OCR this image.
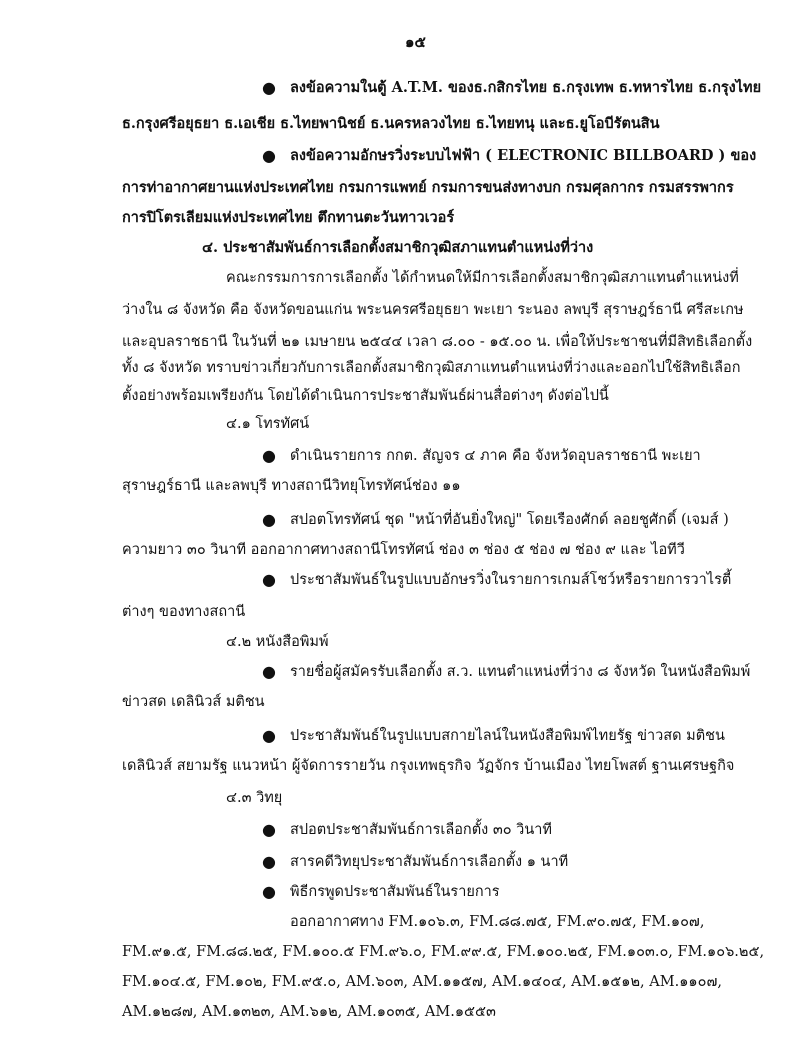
๑๕
● ลงข้อความในตู้ A.T.M. ของธ.กสิกรไทย ธ.กรุงเทพ ธ.ทหารไทย ธ.กรุงไทย
ธ.กรุงศรีอยุธยา ธ.เอเชีย ธ.ไทยพานิชย์ ธ.นครหลวงไทย ธ.ไทยทนุ และธ.ยูโอบีรัตนสิน
● ลงข้อความอักษรวิ่งระบบไฟฟ้า ( ELECTRONIC BILLBOARD ) ของ
การท่าอากาศยานแห่งประเทศไทย กรมการแพทย์ กรมการขนส่งทางบก กรมศุลกากร กรมสรรพากร
การปิโตรเลียมแห่งประเทศไทย ตึกทานตะวันทาวเวอร์
๔. ประชาสัมพันธ์การเลือกตั้งสมาชิกวุฒิสภาแทนตำแหน่งที่ว่าง
คณะกรรมการการเลือกตั้ง ได้กำหนดให้มีการเลือกตั้งสมาชิกวุฒิสภาแทนตำแหน่งที่
ว่างใน ๘ จังหวัด คือ จังหวัดขอนแก่น พระนครศรีอยุธยา พะเยา ระนอง ลพบุรี สุราษฎร์ธานี ศรีสะเกษ
และอุบลราชธานี ในวันที่ ๒๑ เมษายน ๒๕๔๔ เวลา ๘.๐๐ - ๑๕.๐๐ น. เพื่อให้ประชาชนที่มีสิทธิเลือกตั้ง
ทั้ง ๘ จังหวัด ทราบข่าวเกี่ยวกับการเลือกตั้งสมาชิกวุฒิสภาแทนตำแหน่งที่ว่างและออกไปใช้สิทธิเลือก
ตั้งอย่างพร้อมเพรียงกัน โดยได้ดำเนินการประชาสัมพันธ์ผ่านสื่อต่างๆ ดังต่อไปนี้
๔.๑ โทรทัศน์
● ดำเนินรายการ กกต. สัญจร ๔ ภาค คือ จังหวัดอุบลราชธานี พะเยา
สุราษฎร์ธานี และลพบุรี ทางสถานีวิทยุโทรทัศน์ช่อง ๑๑
● สปอตโทรทัศน์ ชุด "หน้าที่อันยิ่งใหญ่" โดยเรืองศักด์ ลอยชูศักดิ์ (เจมส์ )
ความยาว ๓๐ วินาที ออกอากาศทางสถานีโทรทัศน์ ช่อง ๓ ช่อง ๕ ช่อง ๗ ช่อง ๙ และ ไอทีวี
● ประชาสัมพันธ์ในรูปแบบอักษรวิ่งในรายการเกมส์โชว์หรือรายการวาไรตี้
ต่างๆ ของทางสถานี
๔.๒ หนังสือพิมพ์
● รายชื่อผู้สมัครรับเลือกตั้ง ส.ว. แทนตำแหน่งที่ว่าง ๘ จังหวัด ในหนังสือพิมพ์
ข่าวสด เดลินิวส์ มติชน
● ประชาสัมพันธ์ในรูปแบบสกายไลน์ในหนังสือพิมพ์ไทยรัฐ ข่าวสด มติชน
เดลินิวส์ สยามรัฐ แนวหน้า ผู้จัดการรายวัน กรุงเทพธุรกิจ วัฏจักร บ้านเมือง ไทยโพสต์ ฐานเศรษฐกิจ
๔.๓ วิทยุ
● สปอตประชาสัมพันธ์การเลือกตั้ง ๓๐ วินาที
● สารคดีวิทยุประชาสัมพันธ์การเลือกตั้ง ๑ นาที
● พิธีกรพูดประชาสัมพันธ์ในรายการ
ออกอากาศทาง FM.๑๐๖.๓, FM.๘๘.๗๕, FM.๙๐.๗๕, FM.๑๐๗,
FM.๙๑.๕, FM.๘๘.๒๕, FM.๑๐๐.๕ FM.๙๖.๐, FM.๙๙.๕, FM.๑๐๐.๒๕, FM.๑๐๓.๐, FM.๑๐๖.๒๕,
FM.๑๐๔.๕, FM.๑๐๒, FM.๙๕.๐, AM.๖๐๓, AM.๑๑๕๗, AM.๑๔๐๔, AM.๑๕๑๒, AM.๑๑๐๗,
AM.๑๒๘๗, AM.๑๓๒๓, AM.๖๑๒, AM.๑๐๓๕, AM.๑๕๕๓
